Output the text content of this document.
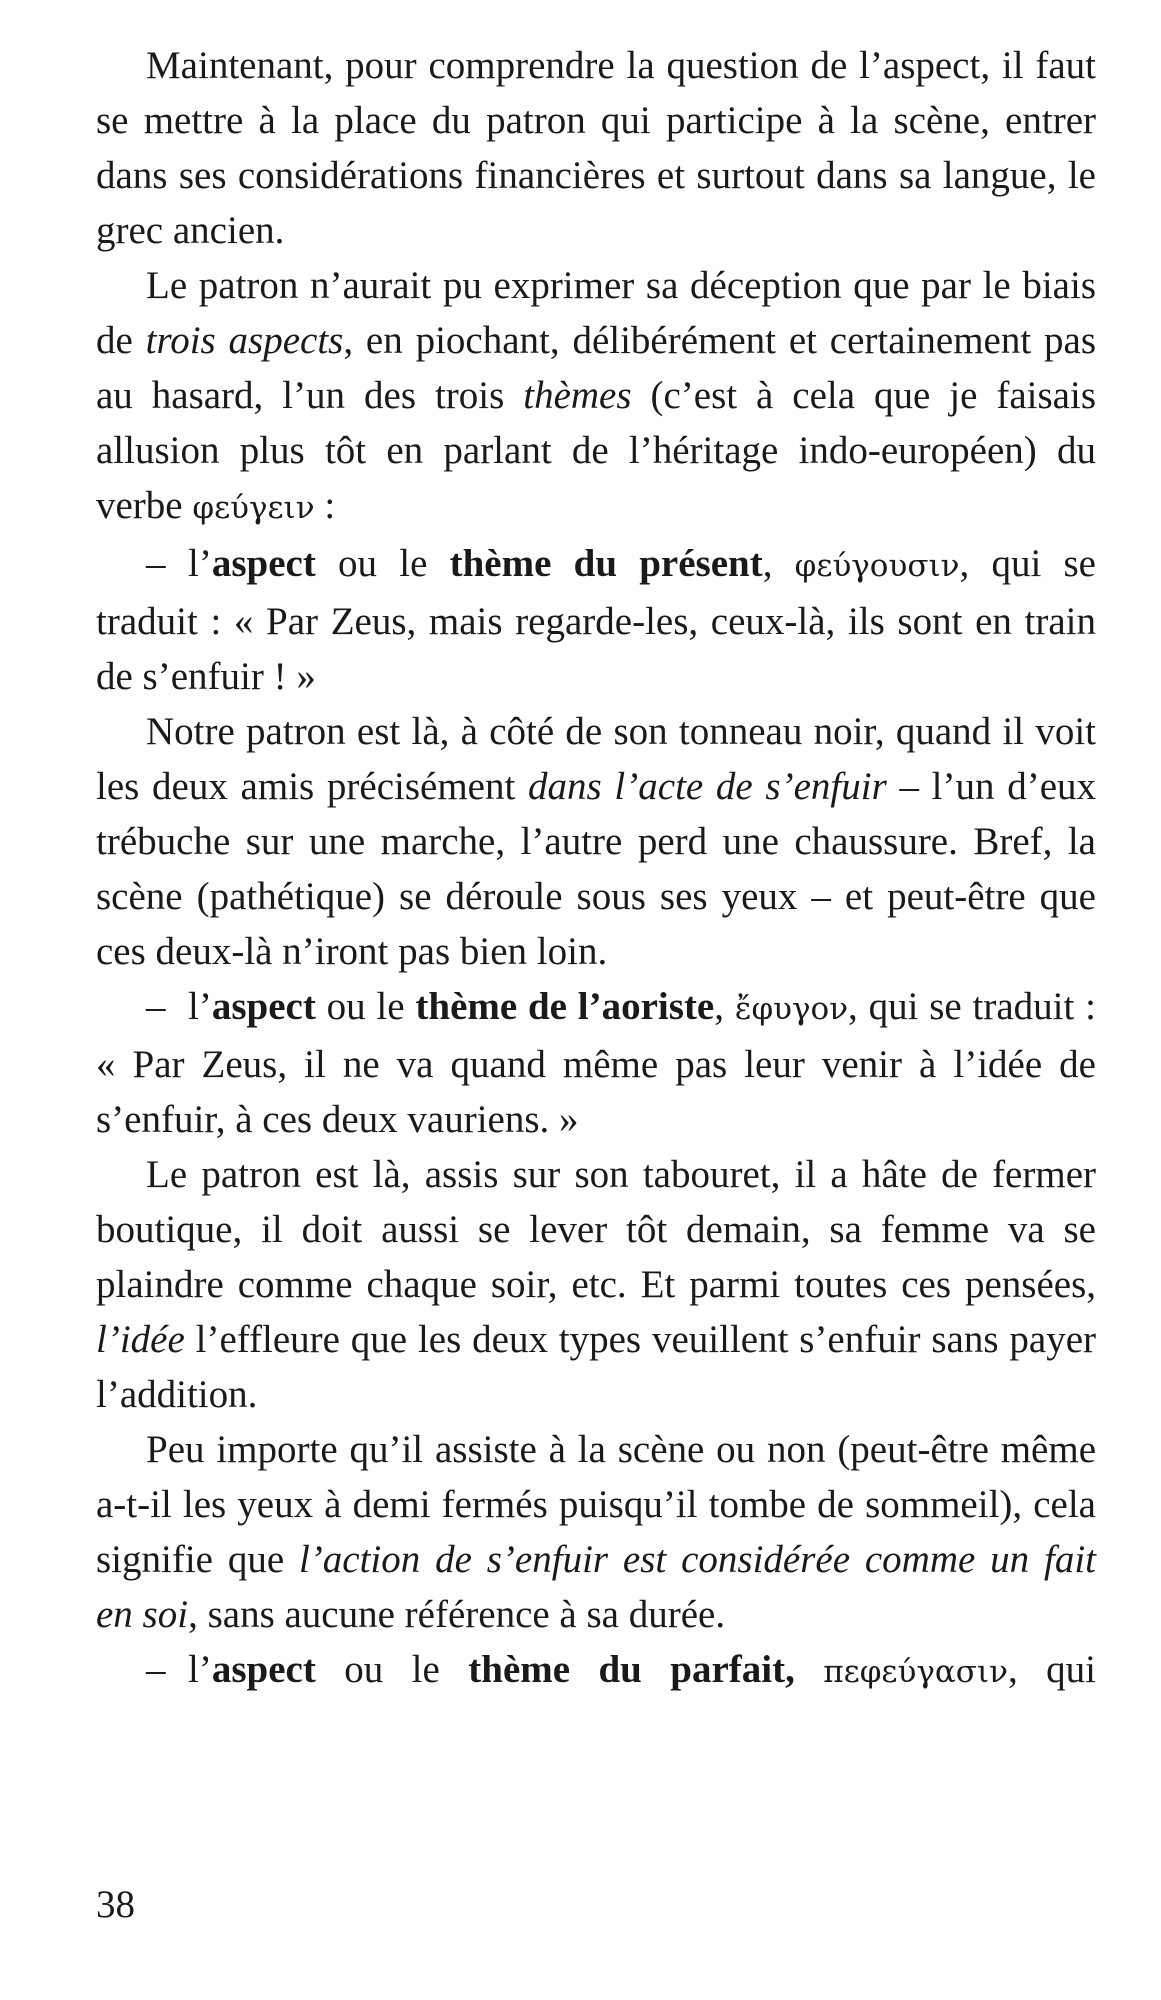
Maintenant, pour comprendre la question de l’aspect, il faut se mettre à la place du patron qui participe à la scène, entrer dans ses considérations financières et surtout dans sa langue, le grec ancien.

Le patron n’aurait pu exprimer sa déception que par le biais de trois aspects, en piochant, délibérément et certainement pas au hasard, l’un des trois thèmes (c’est à cela que je faisais allusion plus tôt en parlant de l’héritage indo-européen) du verbe φεύγειν :

– l’aspect ou le thème du présent, φεύγουσιν, qui se traduit : « Par Zeus, mais regarde-les, ceux-là, ils sont en train de s’enfuir ! »

Notre patron est là, à côté de son tonneau noir, quand il voit les deux amis précisément dans l’acte de s’enfuir – l’un d’eux trébuche sur une marche, l’autre perd une chaussure. Bref, la scène (pathétique) se déroule sous ses yeux – et peut-être que ces deux-là n’iront pas bien loin.

– l’aspect ou le thème de l’aoriste, ἔφυγον, qui se traduit : « Par Zeus, il ne va quand même pas leur venir à l’idée de s’enfuir, à ces deux vauriens. »

Le patron est là, assis sur son tabouret, il a hâte de fermer boutique, il doit aussi se lever tôt demain, sa femme va se plaindre comme chaque soir, etc. Et parmi toutes ces pensées, l’idée l’effleure que les deux types veuillent s’enfuir sans payer l’addition.

Peu importe qu’il assiste à la scène ou non (peut-être même a-t-il les yeux à demi fermés puisqu’il tombe de sommeil), cela signifie que l’action de s’enfuir est considérée comme un fait en soi, sans aucune référence à sa durée.

– l’aspect ou le thème du parfait, πεφεύγασιν, qui

38
